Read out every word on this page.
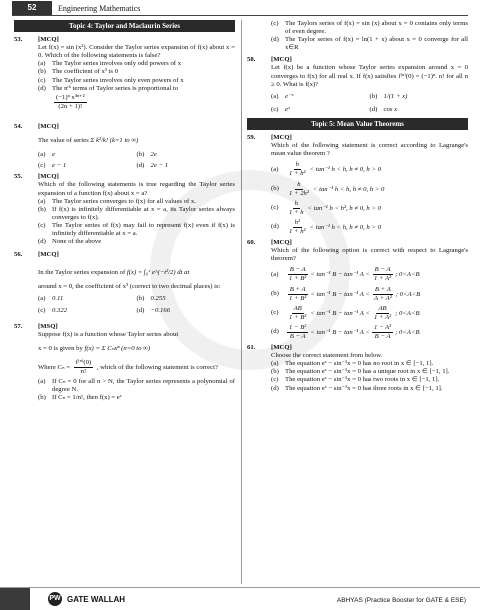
52	Engineering Mathematics
Topic 4: Taylor and Maclaurin Series
53.	[MCQ]
Let f(x) = sin (x²). Consider the Taylor series expansion of f(x) about x = 0. Which of the following statements is false?
(a) The Taylor series involves only odd powers of x
(b) The coefficient of x³ is 0
(c) The Taylor series involves only even powers of x
(d) The nᵗʰ terms of Taylor series is proportional to
$\frac{\text{(−1)ⁿ x⁴ⁿ⁺²}}{(2n + 1)!}$
54.	[MCQ]
The value of series Σ k²/k! (k=1 to ∞)
(a) e	(b) 2e
(c) e − 1	(d) 2e − 1
55.	[MCQ]
Which of the following statements is true regarding the Taylor series expansion of a function f(x) about x = a?
(a) The Taylor series converges to f(x) for all values of x.
(b) If f(x) is infinitely differentiable at x = a, its Taylor series always converges to f(x).
(c) The Taylor series of f(x) may fail to represent f(x) even if f(x) is infinitely differentiable at x = a.
(d) None of the above
56.	[MCQ]
In the Taylor series expansion of f(x) = ∫₀ˣ e^(−t²/2) dt at
around x = 0, the coefficient of x³ (correct to two decimal places) is:
(a) 0.11	(b) 0.255
(c) 0.322	(d) −0.166
57.	[MSQ]
Suppose f(x) is a function whose Taylor series about
x = 0 is given by f(x) = Σ Cₙxⁿ (n=0 to ∞)
Where $C_n = \frac{\text{f⁽ⁿ⁾(0)}}{n!}$ , which of the following statement is correct?
(a) If Cₙ = 0 for all n > N, the Taylor series represents a polynomial of degree N.
(b) If Cₙ = 1/n!, then f(x) = eˣ
(c) The Taylors series of f(x) = sin (x) about x = 0 contains only terms of even degree.
(d) The Taylor series of f(x) = ln(1 + x) about x = 0 converge for all x∈R
58.	[MCQ]
Let f(x) be a function whose Taylor series expansion around x = 0 converges to f(x) for all real x. If f(x) satisfies f⁽ⁿ⁾(0) = (−1)ⁿ. n! for all n ≥ 0. What is f(x)?
(a) e⁻ˣ	(b) 1/(1 + x)
(c) eˣ	(d) cos x
Topic 5: Mean Value Theorems
59.	[MCQ]
Which of the following statement is correct according to Lagrange's mean value theorem ?
(a)	$\frac{h}{\text{1 + h²}} < \tan^{-1}$ h < h, h ≠ 0, h > 0
(b)	$\frac{h}{\text{1 + 2h²}} < \tan^{-1}$ h < h, h ≠ 0, h > 0
(c)	$\frac{h}{1 + h} < \tan^{-1}$ h < h², h ≠ 0, h > 0
(d)	$\frac{\text{h²}}{\text{1 + h²}} < \tan^{-1}$ h < h, h ≠ 0, h > 0
60.	[MCQ]
Which of the following option is correct with respect to Lagrange's theorem?
(a)	$\frac{B - A}{\text{1 + B²}} < \tan^{-1}$ B − tan⁻¹ $A < \frac{B - A}{\text{1 + A²}}$ ; 0<A<B
(b)	$\frac{B + A}{\text{1 + B²}} < \tan^{-1}$ B − tan⁻¹ $A < \frac{B + A}{\text{A + A²}}$ ; 0<A<B
(c)	$\frac{AB}{\text{1 + B²}} < \tan^{-1}$ B − tan⁻¹ $A < \frac{AB}{\text{1 + A²}}$ ; 0<A<B
(d)	$\frac{\text{1 − B²}}{B - A} < \tan^{-1}$ B − tan⁻¹ $A < \frac{\text{1 − A²}}{B - A}$ ; 0<A<B
61.	[MCQ]
Choose the correct statement from below.
(a) The equation eˣ − sin⁻¹x = 0 has no root in x ∈ [−1, 1].
(b) The equation eˣ − sin⁻¹x = 0 has a unique root in x ∈ [−1, 1].
(c) The equation eˣ − sin⁻¹x = 0 has two roots in x ∈ [−1, 1].
(d) The equation eˣ − sin⁻¹x = 0 has three roots in x ∈ [−1, 1].
PW GATE WALLAH	ABHYAS (Practice Booster for GATE & ESE)
